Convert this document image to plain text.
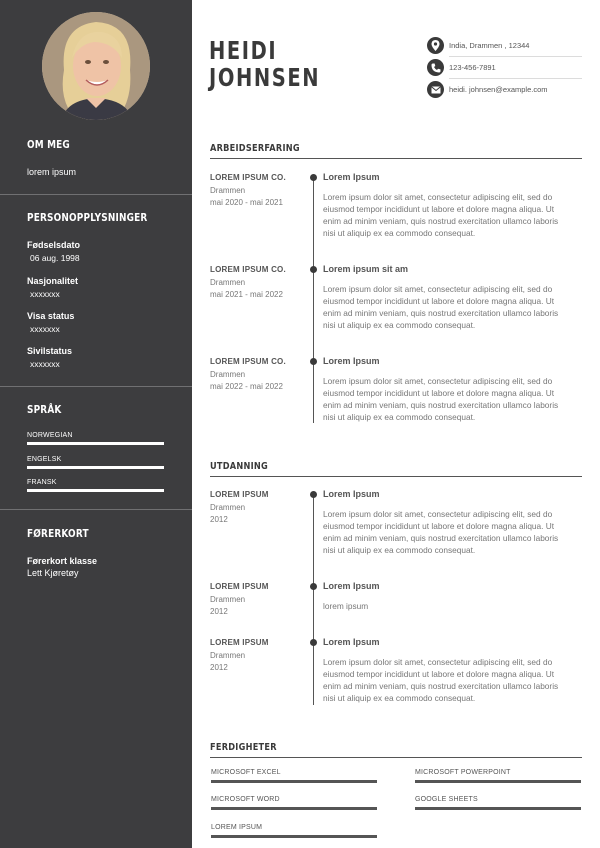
OM MEG
lorem ipsum
PERSONOPPLYSNINGER
Fødselsdato
06 aug. 1998
Nasjonalitet
xxxxxxx
Visa status
xxxxxxx
Sivilstatus
xxxxxxx
SPRÅK
NORWEGIAN
ENGELSK
FRANSK
FØRERKORT
Førerkort klasse
Lett Kjøretøy
HEIDI
JOHNSEN
India, Drammen , 12344
123-456-7891
heidi. johnsen@example.com
ARBEIDSERFARING
LOREM IPSUM CO.
Drammen
mai 2020 - mai 2021
Lorem Ipsum
Lorem ipsum dolor sit amet, consectetur adipiscing elit, sed do
eiusmod tempor incididunt ut labore et dolore magna aliqua. Ut
enim ad minim veniam, quis nostrud exercitation ullamco laboris
nisi ut aliquip ex ea commodo consequat.
LOREM IPSUM CO.
Drammen
mai 2021 - mai 2022
Lorem ipsum sit am
Lorem ipsum dolor sit amet, consectetur adipiscing elit, sed do
eiusmod tempor incididunt ut labore et dolore magna aliqua. Ut
enim ad minim veniam, quis nostrud exercitation ullamco laboris
nisi ut aliquip ex ea commodo consequat.
LOREM IPSUM CO.
Drammen
mai 2022 - mai 2022
Lorem Ipsum
Lorem ipsum dolor sit amet, consectetur adipiscing elit, sed do
eiusmod tempor incididunt ut labore et dolore magna aliqua. Ut
enim ad minim veniam, quis nostrud exercitation ullamco laboris
nisi ut aliquip ex ea commodo consequat.
UTDANNING
LOREM IPSUM
Drammen
2012
Lorem Ipsum
Lorem ipsum dolor sit amet, consectetur adipiscing elit, sed do
eiusmod tempor incididunt ut labore et dolore magna aliqua. Ut
enim ad minim veniam, quis nostrud exercitation ullamco laboris
nisi ut aliquip ex ea commodo consequat.
LOREM IPSUM
Drammen
2012
Lorem Ipsum
lorem ipsum
LOREM IPSUM
Drammen
2012
Lorem Ipsum
Lorem ipsum dolor sit amet, consectetur adipiscing elit, sed do
eiusmod tempor incididunt ut labore et dolore magna aliqua. Ut
enim ad minim veniam, quis nostrud exercitation ullamco laboris
nisi ut aliquip ex ea commodo consequat.
FERDIGHETER
MICROSOFT EXCEL	MICROSOFT POWERPOINT
MICROSOFT WORD	GOOGLE SHEETS
LOREM IPSUM
